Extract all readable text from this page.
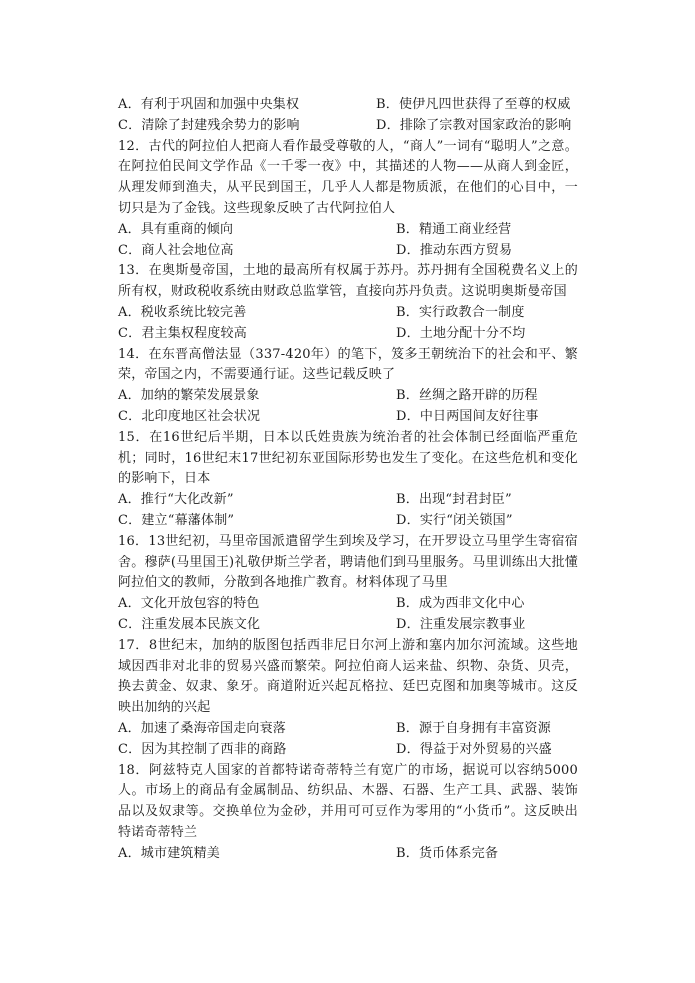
A．有利于巩固和加强中央集权	B．使伊凡四世获得了至尊的权威
C．清除了封建残余势力的影响	D．排除了宗教对国家政治的影响

12．古代的阿拉伯人把商人看作最受尊敬的人，“商人”一词有“聪明人”之意。在阿拉伯民间文学作品《一千零一夜》中，其描述的人物——从商人到金匠，从理发师到渔夫，从平民到国王，几乎人人都是物质派，在他们的心目中，一切只是为了金钱。这些现象反映了古代阿拉伯人

A．具有重商的倾向	B．精通工商业经营
C．商人社会地位高	D．推动东西方贸易

13．在奥斯曼帝国，土地的最高所有权属于苏丹。苏丹拥有全国税费名义上的所有权，财政税收系统由财政总监掌管，直接向苏丹负责。这说明奥斯曼帝国

A．税收系统比较完善	B．实行政教合一制度
C．君主集权程度较高	D．土地分配十分不均

14．在东晋高僧法显（337-420年）的笔下，笈多王朝统治下的社会和平、繁荣，帝国之内，不需要通行证。这些记载反映了

A．加纳的繁荣发展景象	B．丝绸之路开辟的历程
C．北印度地区社会状况	D．中日两国间友好往事

15．在16世纪后半期，日本以氏姓贵族为统治者的社会体制已经面临严重危机；同时，16世纪末17世纪初东亚国际形势也发生了变化。在这些危机和变化的影响下，日本

A．推行“大化改新”	B．出现“封君封臣”
C．建立“幕藩体制”	D．实行“闭关锁国”

16．13世纪初，马里帝国派遣留学生到埃及学习，在开罗设立马里学生寄宿宿舍。穆萨(马里国王)礼敬伊斯兰学者，聘请他们到马里服务。马里训练出大批懂阿拉伯文的教师，分散到各地推广教育。材料体现了马里

A．文化开放包容的特色	B．成为西非文化中心
C．注重发展本民族文化	D．注重发展宗教事业

17．8世纪末，加纳的版图包括西非尼日尔河上游和塞内加尔河流域。这些地域因西非对北非的贸易兴盛而繁荣。阿拉伯商人运来盐、织物、杂货、贝壳，换去黄金、奴隶、象牙。商道附近兴起瓦格拉、廷巴克图和加奥等城市。这反映出加纳的兴起

A．加速了桑海帝国走向衰落	B．源于自身拥有丰富资源
C．因为其控制了西非的商路	D．得益于对外贸易的兴盛

18．阿兹特克人国家的首都特诺奇蒂特兰有宽广的市场，据说可以容纳5000人。市场上的商品有金属制品、纺织品、木器、石器、生产工具、武器、装饰品以及奴隶等。交换单位为金砂，并用可可豆作为零用的“小货币”。这反映出特诺奇蒂特兰

A．城市建筑精美	B．货币体系完备
